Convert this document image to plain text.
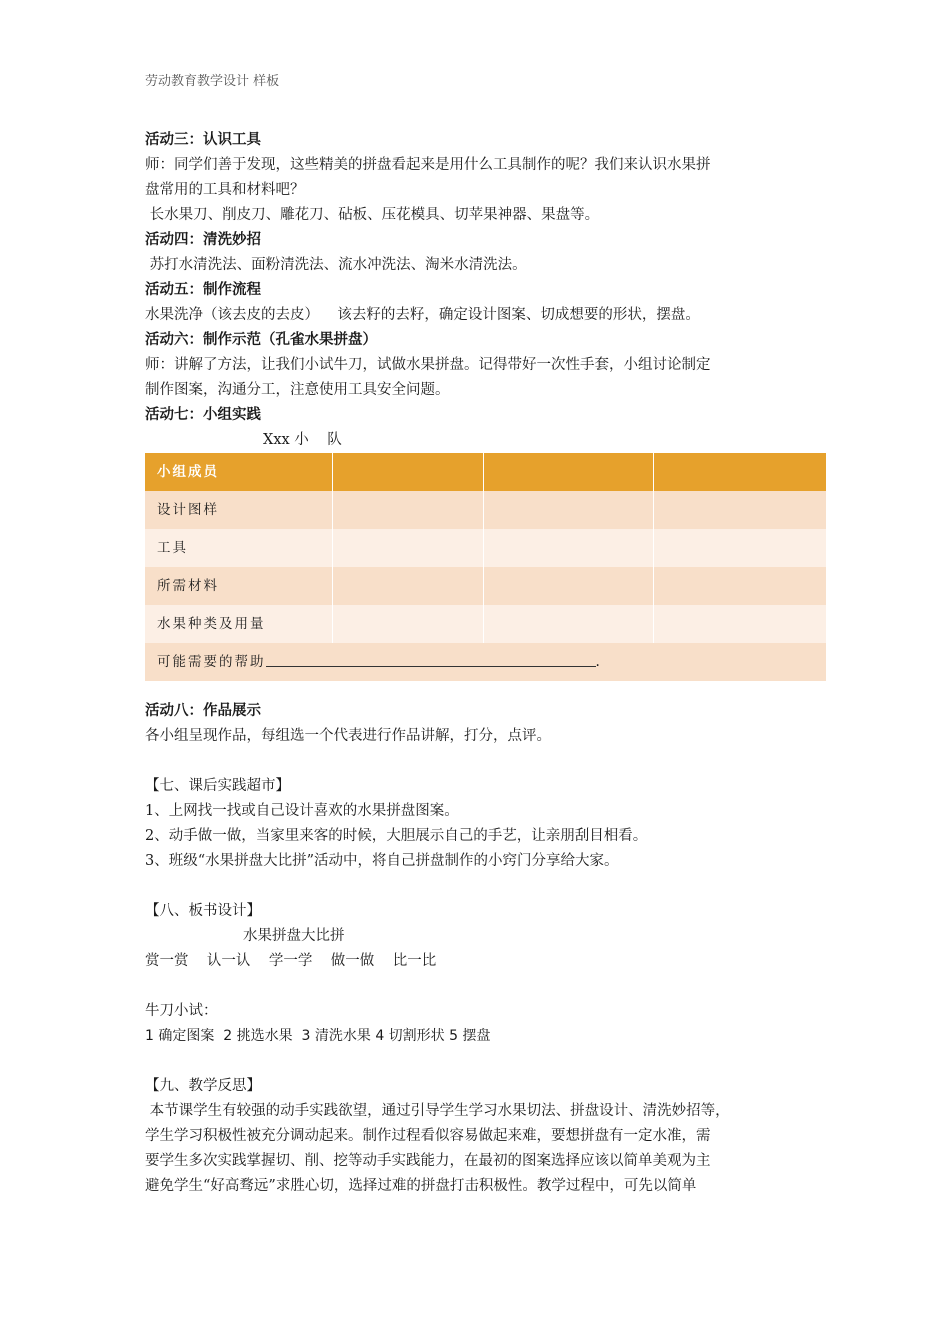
劳动教育教学设计 样板

活动三：认识工具

师：同学们善于发现，这些精美的拼盘看起来是用什么工具制作的呢？我们来认识水果拼

盘常用的工具和材料吧？

长水果刀、削皮刀、雕花刀、砧板、压花模具、切苹果神器、果盘等。

活动四：清洗妙招

苏打水清洗法、面粉清洗法、流水冲洗法、淘米水清洗法。

活动五：制作流程

水果洗净（该去皮的去皮）    该去籽的去籽，确定设计图案、切成想要的形状，摆盘。

活动六：制作示范（孔雀水果拼盘）

师：讲解了方法，让我们小试牛刀，试做水果拼盘。记得带好一次性手套，小组讨论制定

制作图案，沟通分工，注意使用工具安全问题。

活动七：小组实践

Xxx 小    队

小组成员			
设计图样			
工具			
所需材料			
水果种类及用量			
可能需要的帮助 .			

活动八：作品展示

各小组呈现作品，每组选一个代表进行作品讲解，打分，点评。

【七、课后实践超市】

1、上网找一找或自己设计喜欢的水果拼盘图案。

2、动手做一做，当家里来客的时候，大胆展示自己的手艺，让亲朋刮目相看。

3、班级“水果拼盘大比拼”活动中，将自己拼盘制作的小窍门分享给大家。

【八、板书设计】

水果拼盘大比拼

赏一赏    认一认    学一学    做一做    比一比

牛刀小试：

1 确定图案  2 挑选水果  3 清洗水果 4 切割形状 5 摆盘

【九、教学反思】

本节课学生有较强的动手实践欲望，通过引导学生学习水果切法、拼盘设计、清洗妙招等，

学生学习积极性被充分调动起来。制作过程看似容易做起来难，要想拼盘有一定水准，需

要学生多次实践掌握切、削、挖等动手实践能力，在最初的图案选择应该以简单美观为主

避免学生“好高骛远”求胜心切，选择过难的拼盘打击积极性。教学过程中，可先以简单
